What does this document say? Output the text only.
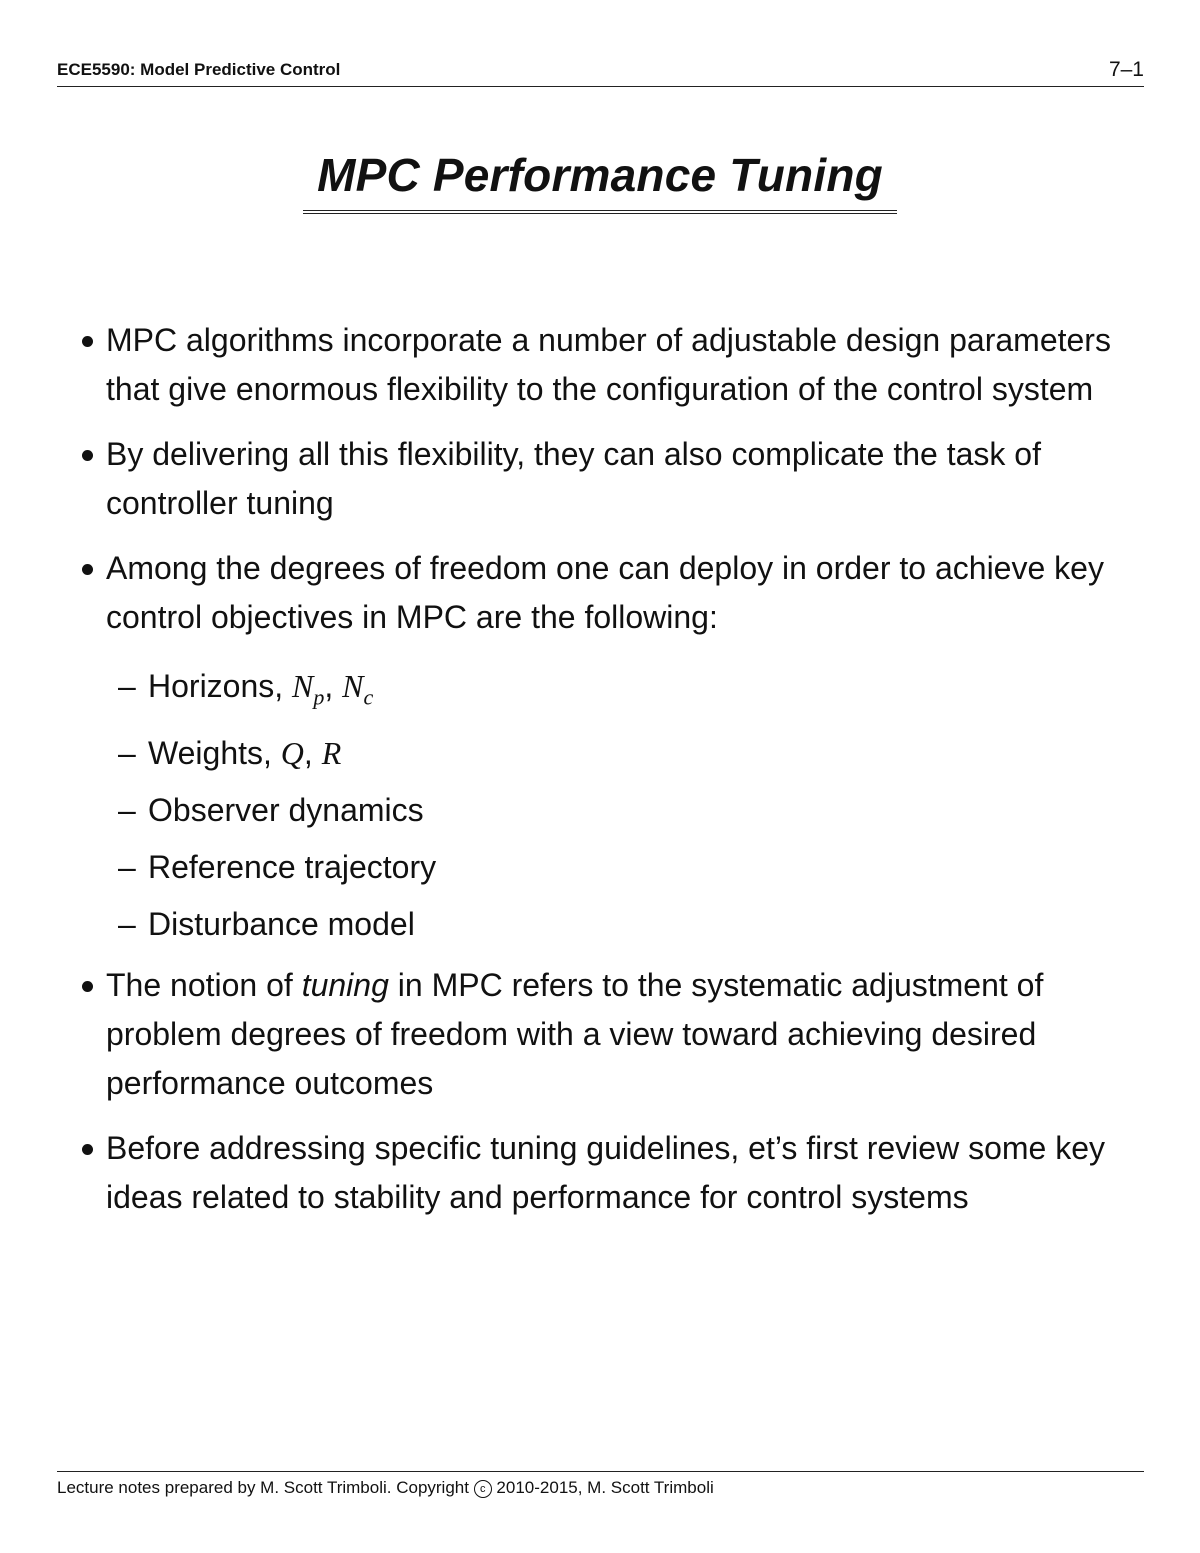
ECE5590: Model Predictive Control	7–1
MPC Performance Tuning
MPC algorithms incorporate a number of adjustable design parameters that give enormous flexibility to the configuration of the control system
By delivering all this flexibility, they can also complicate the task of controller tuning
Among the degrees of freedom one can deploy in order to achieve key control objectives in MPC are the following:
– Horizons, $N_p$, $N_c$
– Weights, Q, R
– Observer dynamics
– Reference trajectory
– Disturbance model
The notion of tuning in MPC refers to the systematic adjustment of problem degrees of freedom with a view toward achieving desired performance outcomes
Before addressing specific tuning guidelines, et’s first review some key ideas related to stability and performance for control systems
Lecture notes prepared by M. Scott Trimboli. Copyright c 2010-2015, M. Scott Trimboli
